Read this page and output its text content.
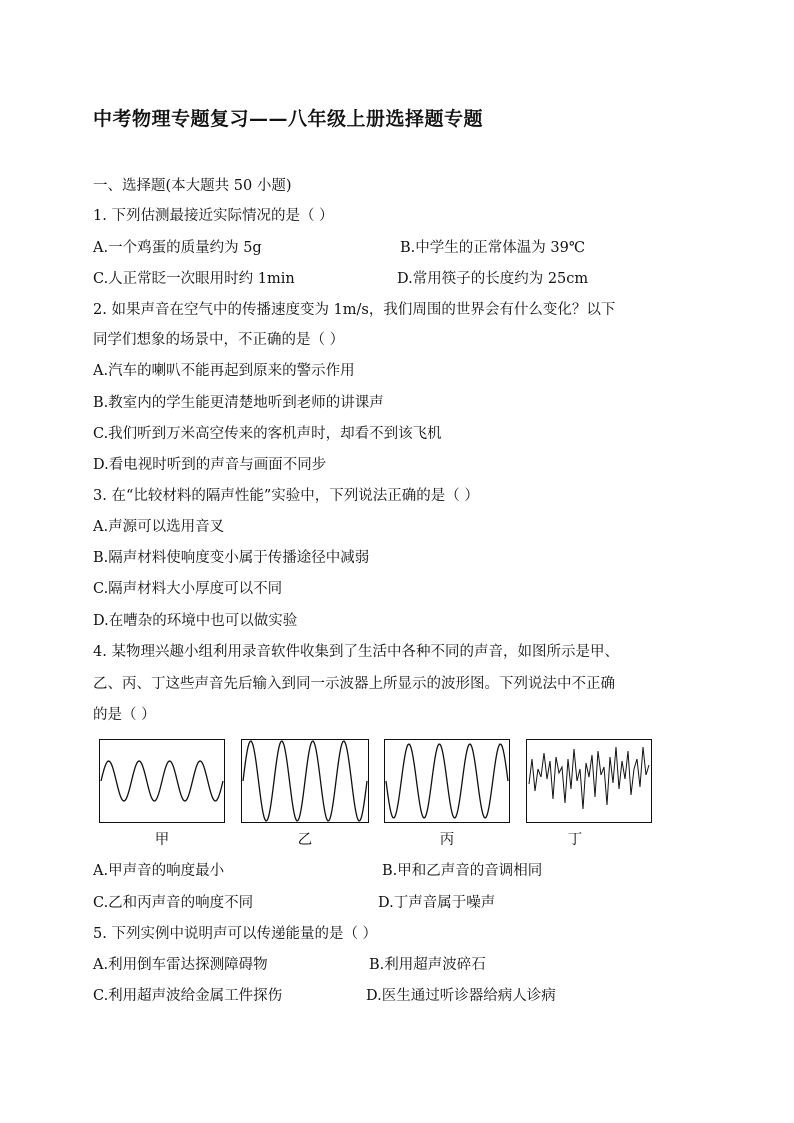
中考物理专题复习——八年级上册选择题专题
一、选择题(本大题共 50 小题)
1. 下列估测最接近实际情况的是（ ）
A.一个鸡蛋的质量约为 5g	B.中学生的正常体温为 39℃
C.人正常眨一次眼用时约 1min	D.常用筷子的长度约为 25cm
2. 如果声音在空气中的传播速度变为 1m/s，我们周围的世界会有什么变化？以下
同学们想象的场景中，不正确的是（ ）
A.汽车的喇叭不能再起到原来的警示作用
B.教室内的学生能更清楚地听到老师的讲课声
C.我们听到万米高空传来的客机声时，却看不到该飞机
D.看电视时听到的声音与画面不同步
3. 在“比较材料的隔声性能”实验中，下列说法正确的是（ ）
A.声源可以选用音叉
B.隔声材料使响度变小属于传播途径中减弱
C.隔声材料大小厚度可以不同
D.在嘈杂的环境中也可以做实验
4. 某物理兴趣小组利用录音软件收集到了生活中各种不同的声音，如图所示是甲、
乙、丙、丁这些声音先后输入到同一示波器上所显示的波形图。下列说法中不正确
的是（ ）
甲	乙	丙	丁
A.甲声音的响度最小	B.甲和乙声音的音调相同
C.乙和丙声音的响度不同	D.丁声音属于噪声
5. 下列实例中说明声可以传递能量的是（ ）
A.利用倒车雷达探测障碍物	B.利用超声波碎石
C.利用超声波给金属工件探伤	D.医生通过听诊器给病人诊病
